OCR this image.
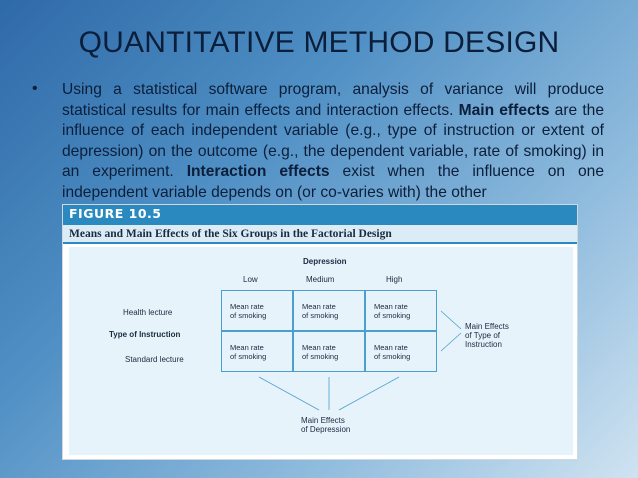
QUANTITATIVE METHOD DESIGN
• Using a statistical software program, analysis of variance will produce statistical results for main effects and interaction effects. Main effects are the influence of each independent variable (e.g., type of instruction or extent of depression) on the outcome (e.g., the dependent variable, rate of smoking) in an experiment. Interaction effects exist when the influence on one independent variable depends on (or co-varies with) the other
FIGURE 10.5
Means and Main Effects of the Six Groups in the Factorial Design
Depression
Low	Medium	High
Health lecture
Type of Instruction
Standard lecture
Mean rate
of smoking
Mean rate
of smoking
Mean rate
of smoking
Mean rate
of smoking
Mean rate
of smoking
Mean rate
of smoking
Main Effects
of Type of
Instruction
Main Effects
of Depression
